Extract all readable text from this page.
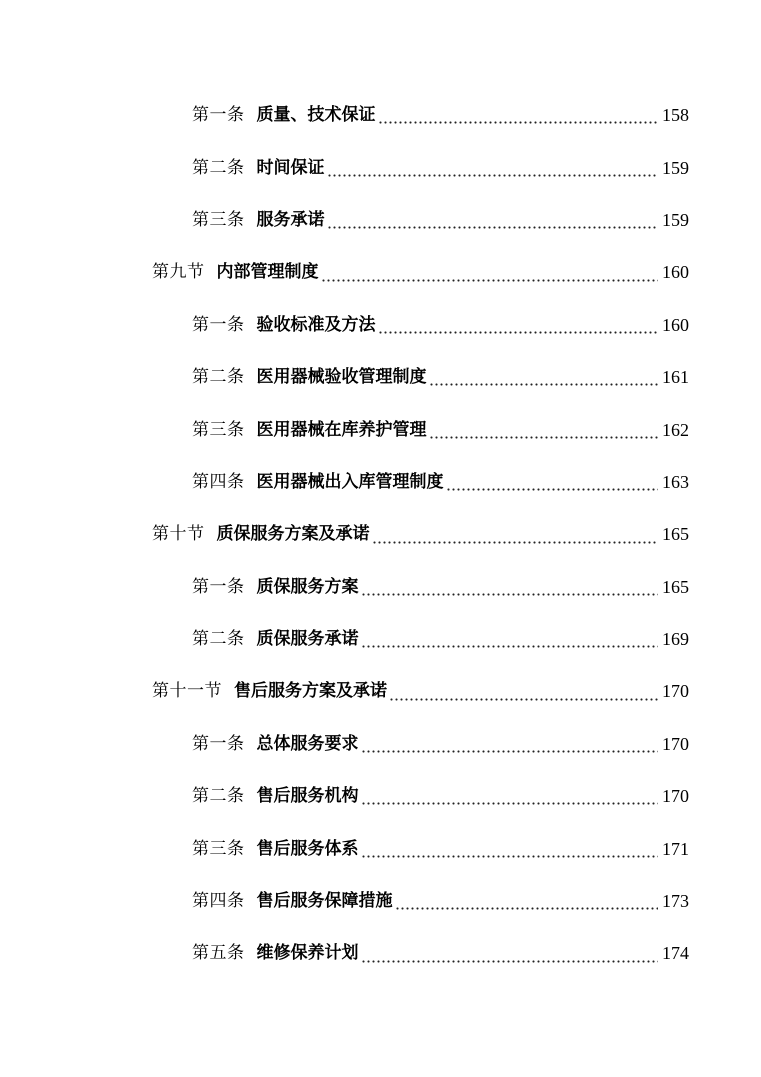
第一条 质量、技术保证	158
第二条 时间保证	159
第三条 服务承诺	159
第九节 内部管理制度	160
第一条 验收标准及方法	160
第二条 医用器械验收管理制度	161
第三条 医用器械在库养护管理	162
第四条 医用器械出入库管理制度	163
第十节 质保服务方案及承诺	165
第一条 质保服务方案	165
第二条 质保服务承诺	169
第十一节 售后服务方案及承诺	170
第一条 总体服务要求	170
第二条 售后服务机构	170
第三条 售后服务体系	171
第四条 售后服务保障措施	173
第五条 维修保养计划	174
